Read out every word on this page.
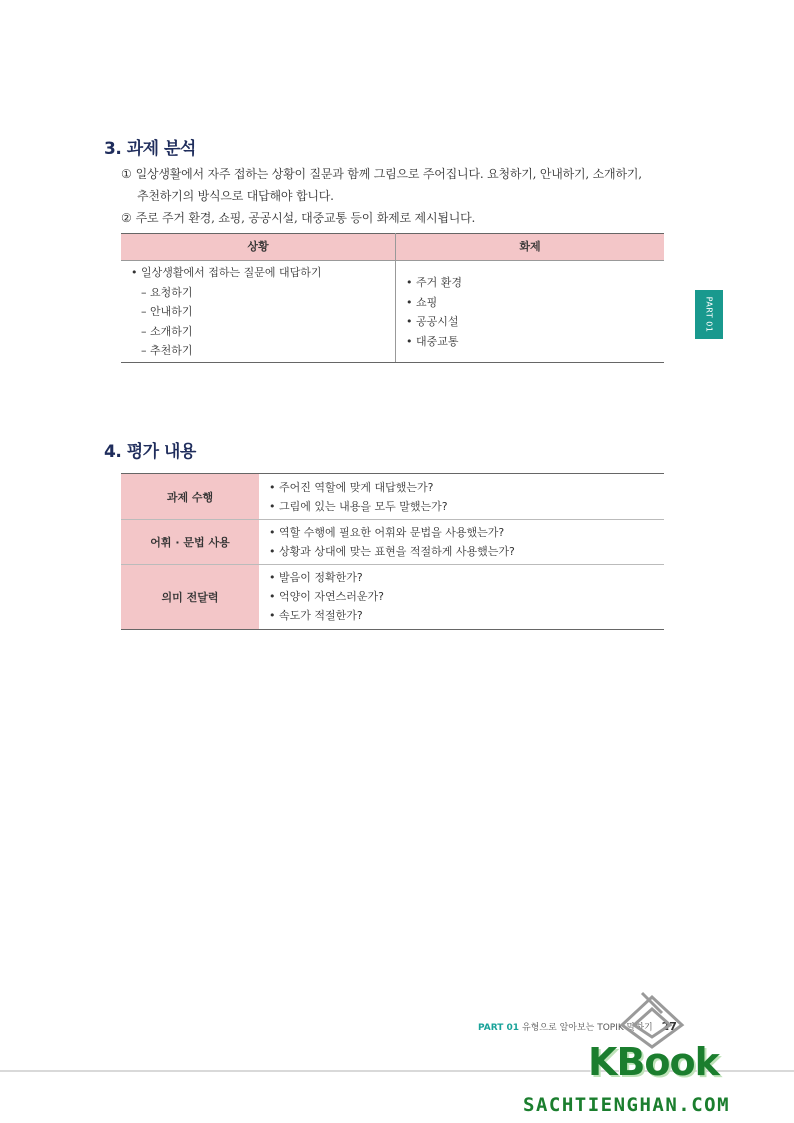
3. 과제 분석
① 일상생활에서 자주 접하는 상황이 질문과 함께 그림으로 주어집니다. 요청하기, 안내하기, 소개하기,
추천하기의 방식으로 대답해야 합니다.
② 주로 주거 환경, 쇼핑, 공공시설, 대중교통 등이 화제로 제시됩니다.
상황	화제
• 일상생활에서 접하는 질문에 대답하기
– 요청하기
– 안내하기
– 소개하기
– 추천하기
• 주거 환경
• 쇼핑
• 공공시설
• 대중교통
PART 01
4. 평가 내용
과제 수행
• 주어진 역할에 맞게 대답했는가?
• 그림에 있는 내용을 모두 말했는가?
어휘 · 문법 사용
• 역할 수행에 필요한 어휘와 문법을 사용했는가?
• 상황과 상대에 맞는 표현을 적절하게 사용했는가?
의미 전달력
• 발음이 정확한가?
• 억양이 자연스러운가?
• 속도가 적절한가?
PART 01 유형으로 알아보는 TOPIK 말하기 27
KBook
SACHTIENGHAN.COM
